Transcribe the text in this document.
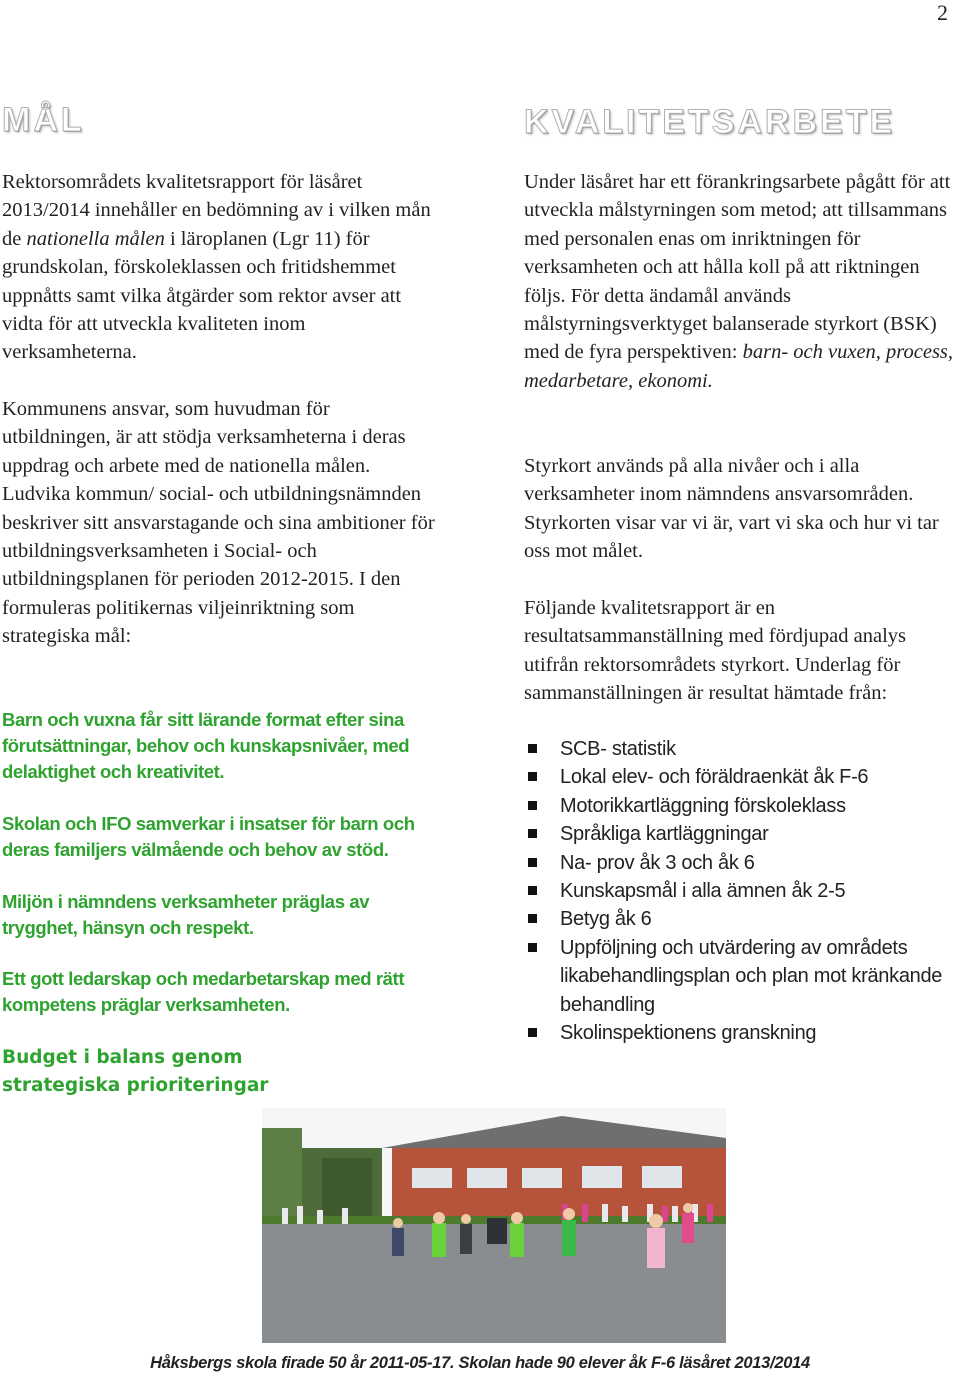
2
MÅL

Rektorsområdets kvalitetsrapport för läsåret 2013/2014 innehåller en bedömning av i vilken mån de nationella målen i läroplanen (Lgr 11) för grundskolan, förskoleklassen och fritidshemmet uppnåtts samt vilka åtgärder som rektor avser att vidta för att utveckla kvaliteten inom verksamheterna.

Kommunens ansvar, som huvudman för utbildningen, är att stödja verksamheterna i deras uppdrag och arbete med de nationella målen. Ludvika kommun/ social- och utbildningsnämnden beskriver sitt ansvarstagande och sina ambitioner för utbildningsverksamheten i Social- och utbildningsplanen för perioden 2012-2015. I den formuleras politikernas viljeinriktning som strategiska mål:

Barn och vuxna får sitt lärande format efter sina förutsättningar, behov och kunskapsnivåer, med delaktighet och kreativitet.

Skolan och IFO samverkar i insatser för barn och deras familjers välmående och behov av stöd.

Miljön i nämndens verksamheter präglas av trygghet, hänsyn och respekt.

Ett gott ledarskap och medarbetarskap med rätt kompetens präglar verksamheten.

Budget i balans genom strategiska prioriteringar

KVALITETSARBETE

Under läsåret har ett förankringsarbete pågått för att utveckla målstyrningen som metod; att tillsammans med personalen enas om inriktningen för verksamheten och att hålla koll på att riktningen följs. För detta ändamål används målstyrningsverktyget balanserade styrkort (BSK) med de fyra perspektiven: barn- och vuxen, process, medarbetare, ekonomi.

Styrkort används på alla nivåer och i alla verksamheter inom nämndens ansvarsområden. Styrkorten visar var vi är, vart vi ska och hur vi tar oss mot målet.

Följande kvalitetsrapport är en resultatsammanställning med fördjupad analys utifrån rektorsområdets styrkort. Underlag för sammanställningen är resultat hämtade från:

SCB- statistik
Lokal elev- och föräldraenkät åk F-6
Motorikkartläggning förskoleklass
Språkliga kartläggningar
Na- prov åk 3 och åk 6
Kunskapsmål i alla ämnen åk 2-5
Betyg åk 6
Uppföljning och utvärdering av områdets likabehandlingsplan och plan mot kränkande behandling
Skolinspektionens granskning
Håksbergs skola firade 50 år 2011-05-17. Skolan hade 90 elever åk F-6 läsåret 2013/2014
